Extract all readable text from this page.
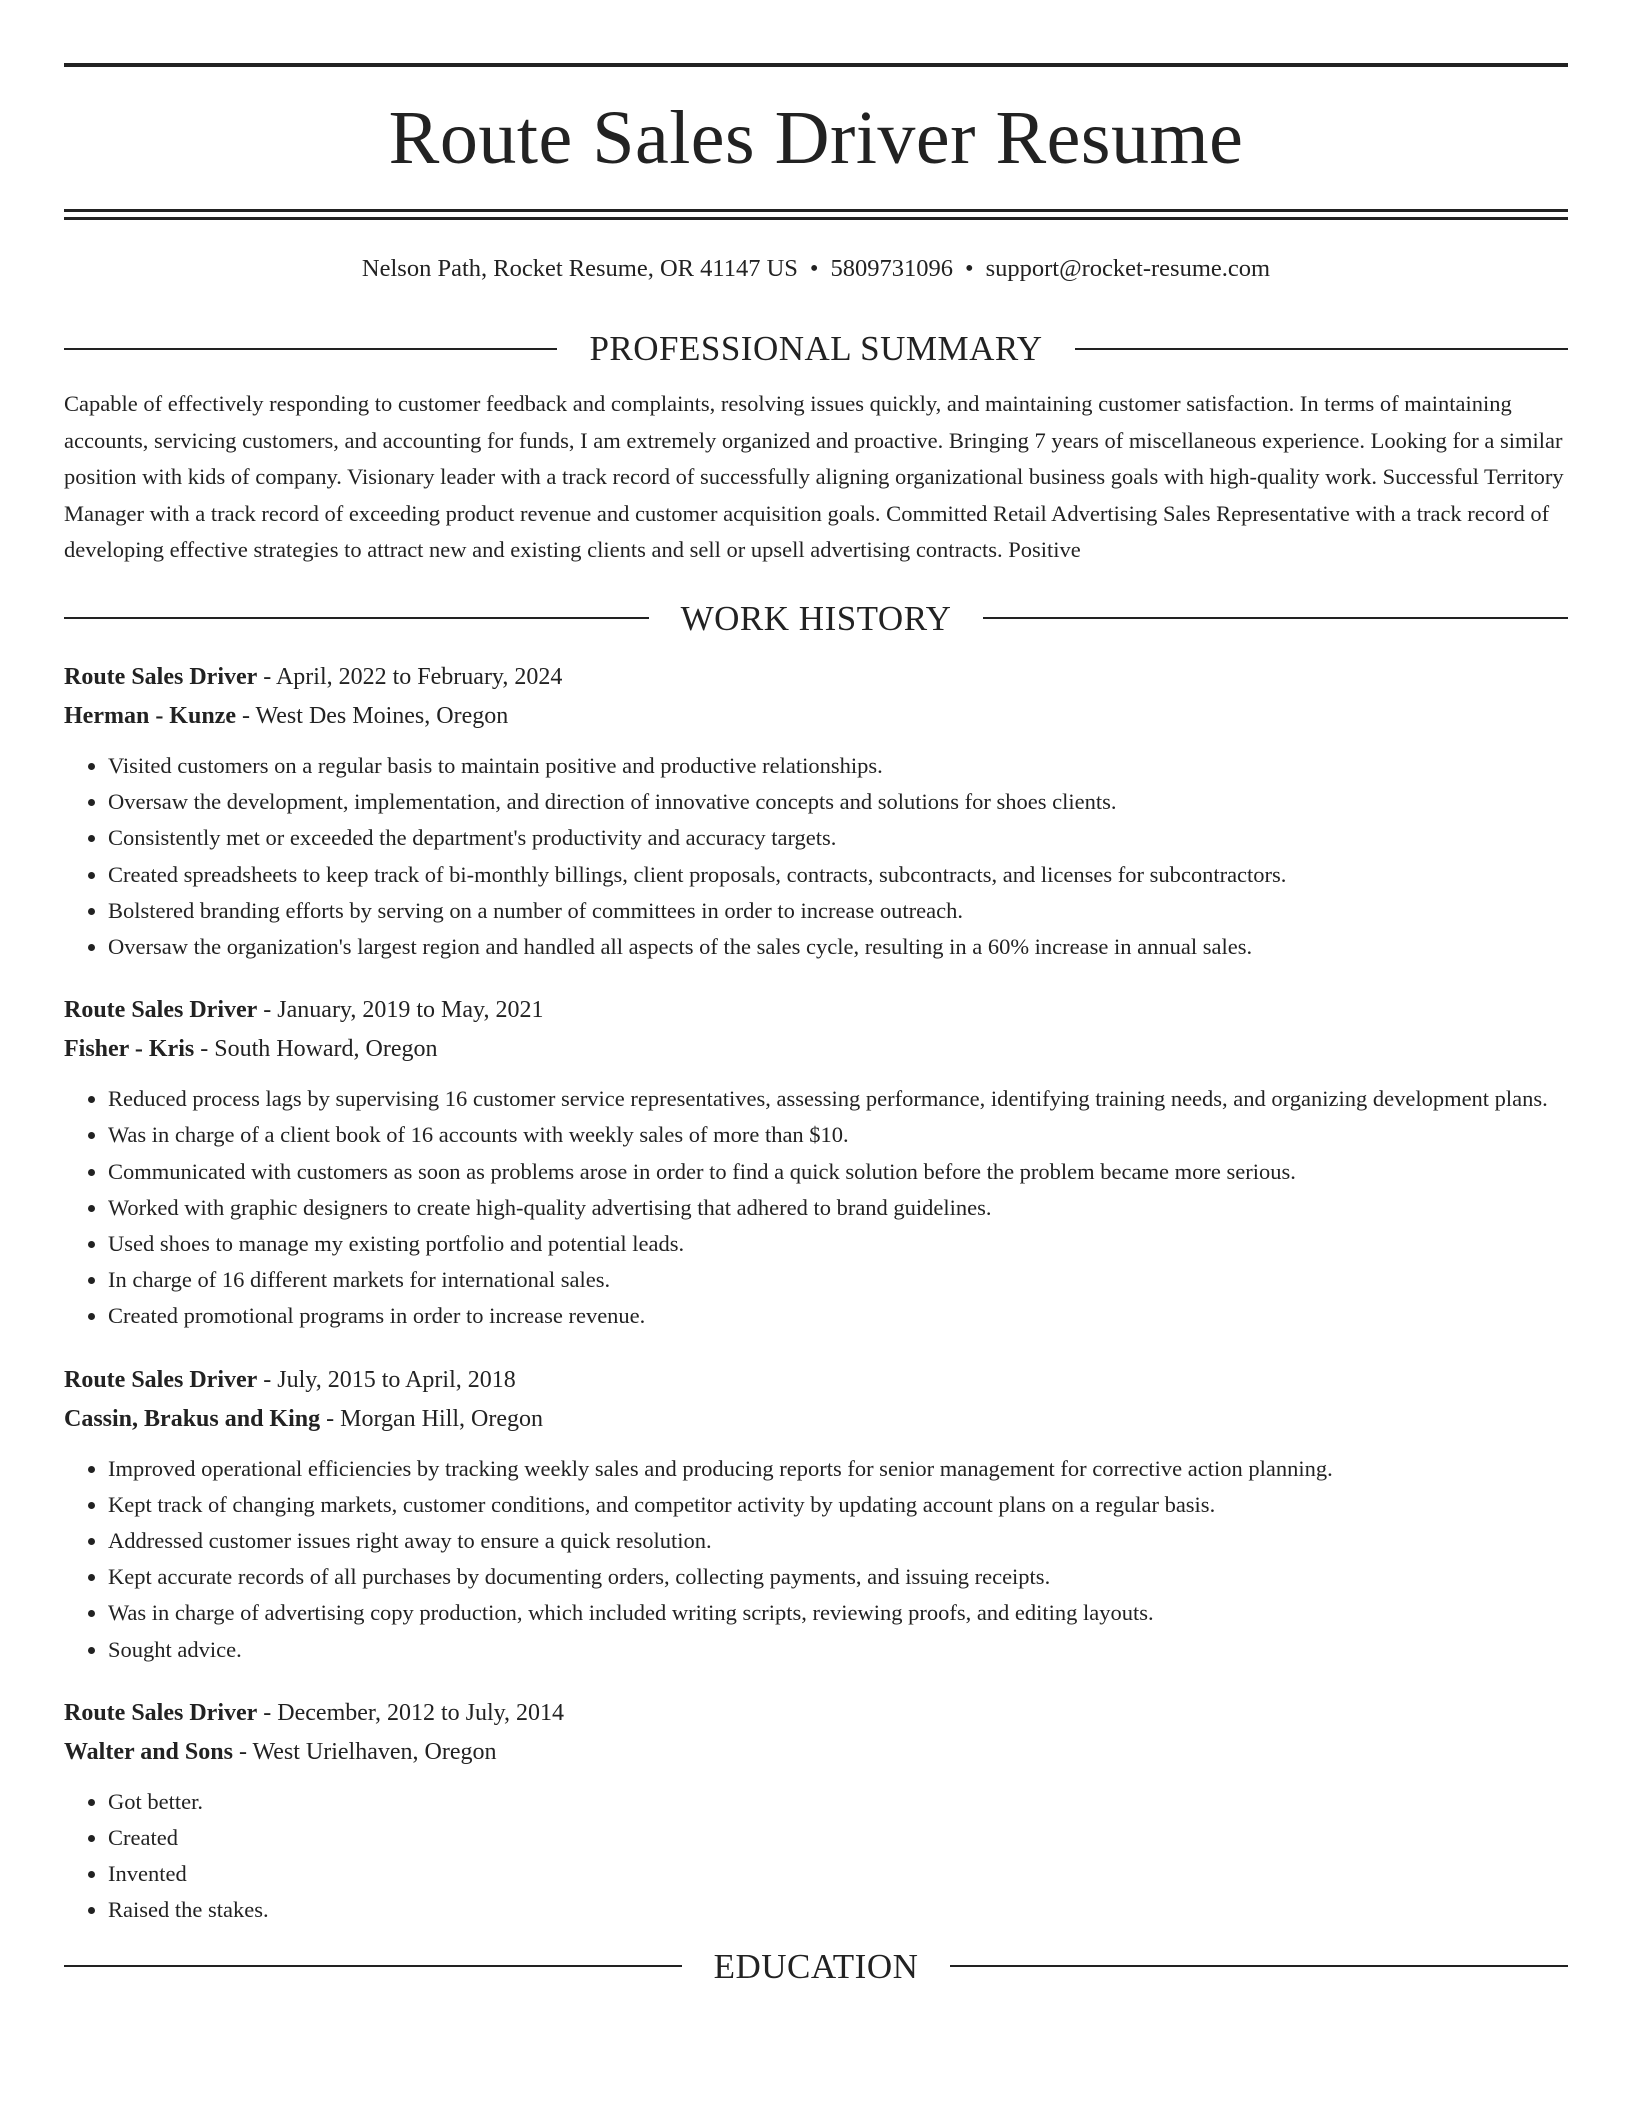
Route Sales Driver Resume
Nelson Path, Rocket Resume, OR 41147 US • 5809731096 • support@rocket-resume.com
PROFESSIONAL SUMMARY
Capable of effectively responding to customer feedback and complaints, resolving issues quickly, and maintaining customer satisfaction. In terms of maintaining accounts, servicing customers, and accounting for funds, I am extremely organized and proactive. Bringing 7 years of miscellaneous experience. Looking for a similar position with kids of company. Visionary leader with a track record of successfully aligning organizational business goals with high-quality work. Successful Territory Manager with a track record of exceeding product revenue and customer acquisition goals. Committed Retail Advertising Sales Representative with a track record of developing effective strategies to attract new and existing clients and sell or upsell advertising contracts. Positive
WORK HISTORY
Route Sales Driver - April, 2022 to February, 2024
Herman - Kunze - West Des Moines, Oregon
• Visited customers on a regular basis to maintain positive and productive relationships.
• Oversaw the development, implementation, and direction of innovative concepts and solutions for shoes clients.
• Consistently met or exceeded the department's productivity and accuracy targets.
• Created spreadsheets to keep track of bi-monthly billings, client proposals, contracts, subcontracts, and licenses for subcontractors.
• Bolstered branding efforts by serving on a number of committees in order to increase outreach.
• Oversaw the organization's largest region and handled all aspects of the sales cycle, resulting in a 60% increase in annual sales.
Route Sales Driver - January, 2019 to May, 2021
Fisher - Kris - South Howard, Oregon
• Reduced process lags by supervising 16 customer service representatives, assessing performance, identifying training needs, and organizing development plans.
• Was in charge of a client book of 16 accounts with weekly sales of more than $10.
• Communicated with customers as soon as problems arose in order to find a quick solution before the problem became more serious.
• Worked with graphic designers to create high-quality advertising that adhered to brand guidelines.
• Used shoes to manage my existing portfolio and potential leads.
• In charge of 16 different markets for international sales.
• Created promotional programs in order to increase revenue.
Route Sales Driver - July, 2015 to April, 2018
Cassin, Brakus and King - Morgan Hill, Oregon
• Improved operational efficiencies by tracking weekly sales and producing reports for senior management for corrective action planning.
• Kept track of changing markets, customer conditions, and competitor activity by updating account plans on a regular basis.
• Addressed customer issues right away to ensure a quick resolution.
• Kept accurate records of all purchases by documenting orders, collecting payments, and issuing receipts.
• Was in charge of advertising copy production, which included writing scripts, reviewing proofs, and editing layouts.
• Sought advice.
Route Sales Driver - December, 2012 to July, 2014
Walter and Sons - West Urielhaven, Oregon
• Got better.
• Created
• Invented
• Raised the stakes.
EDUCATION
